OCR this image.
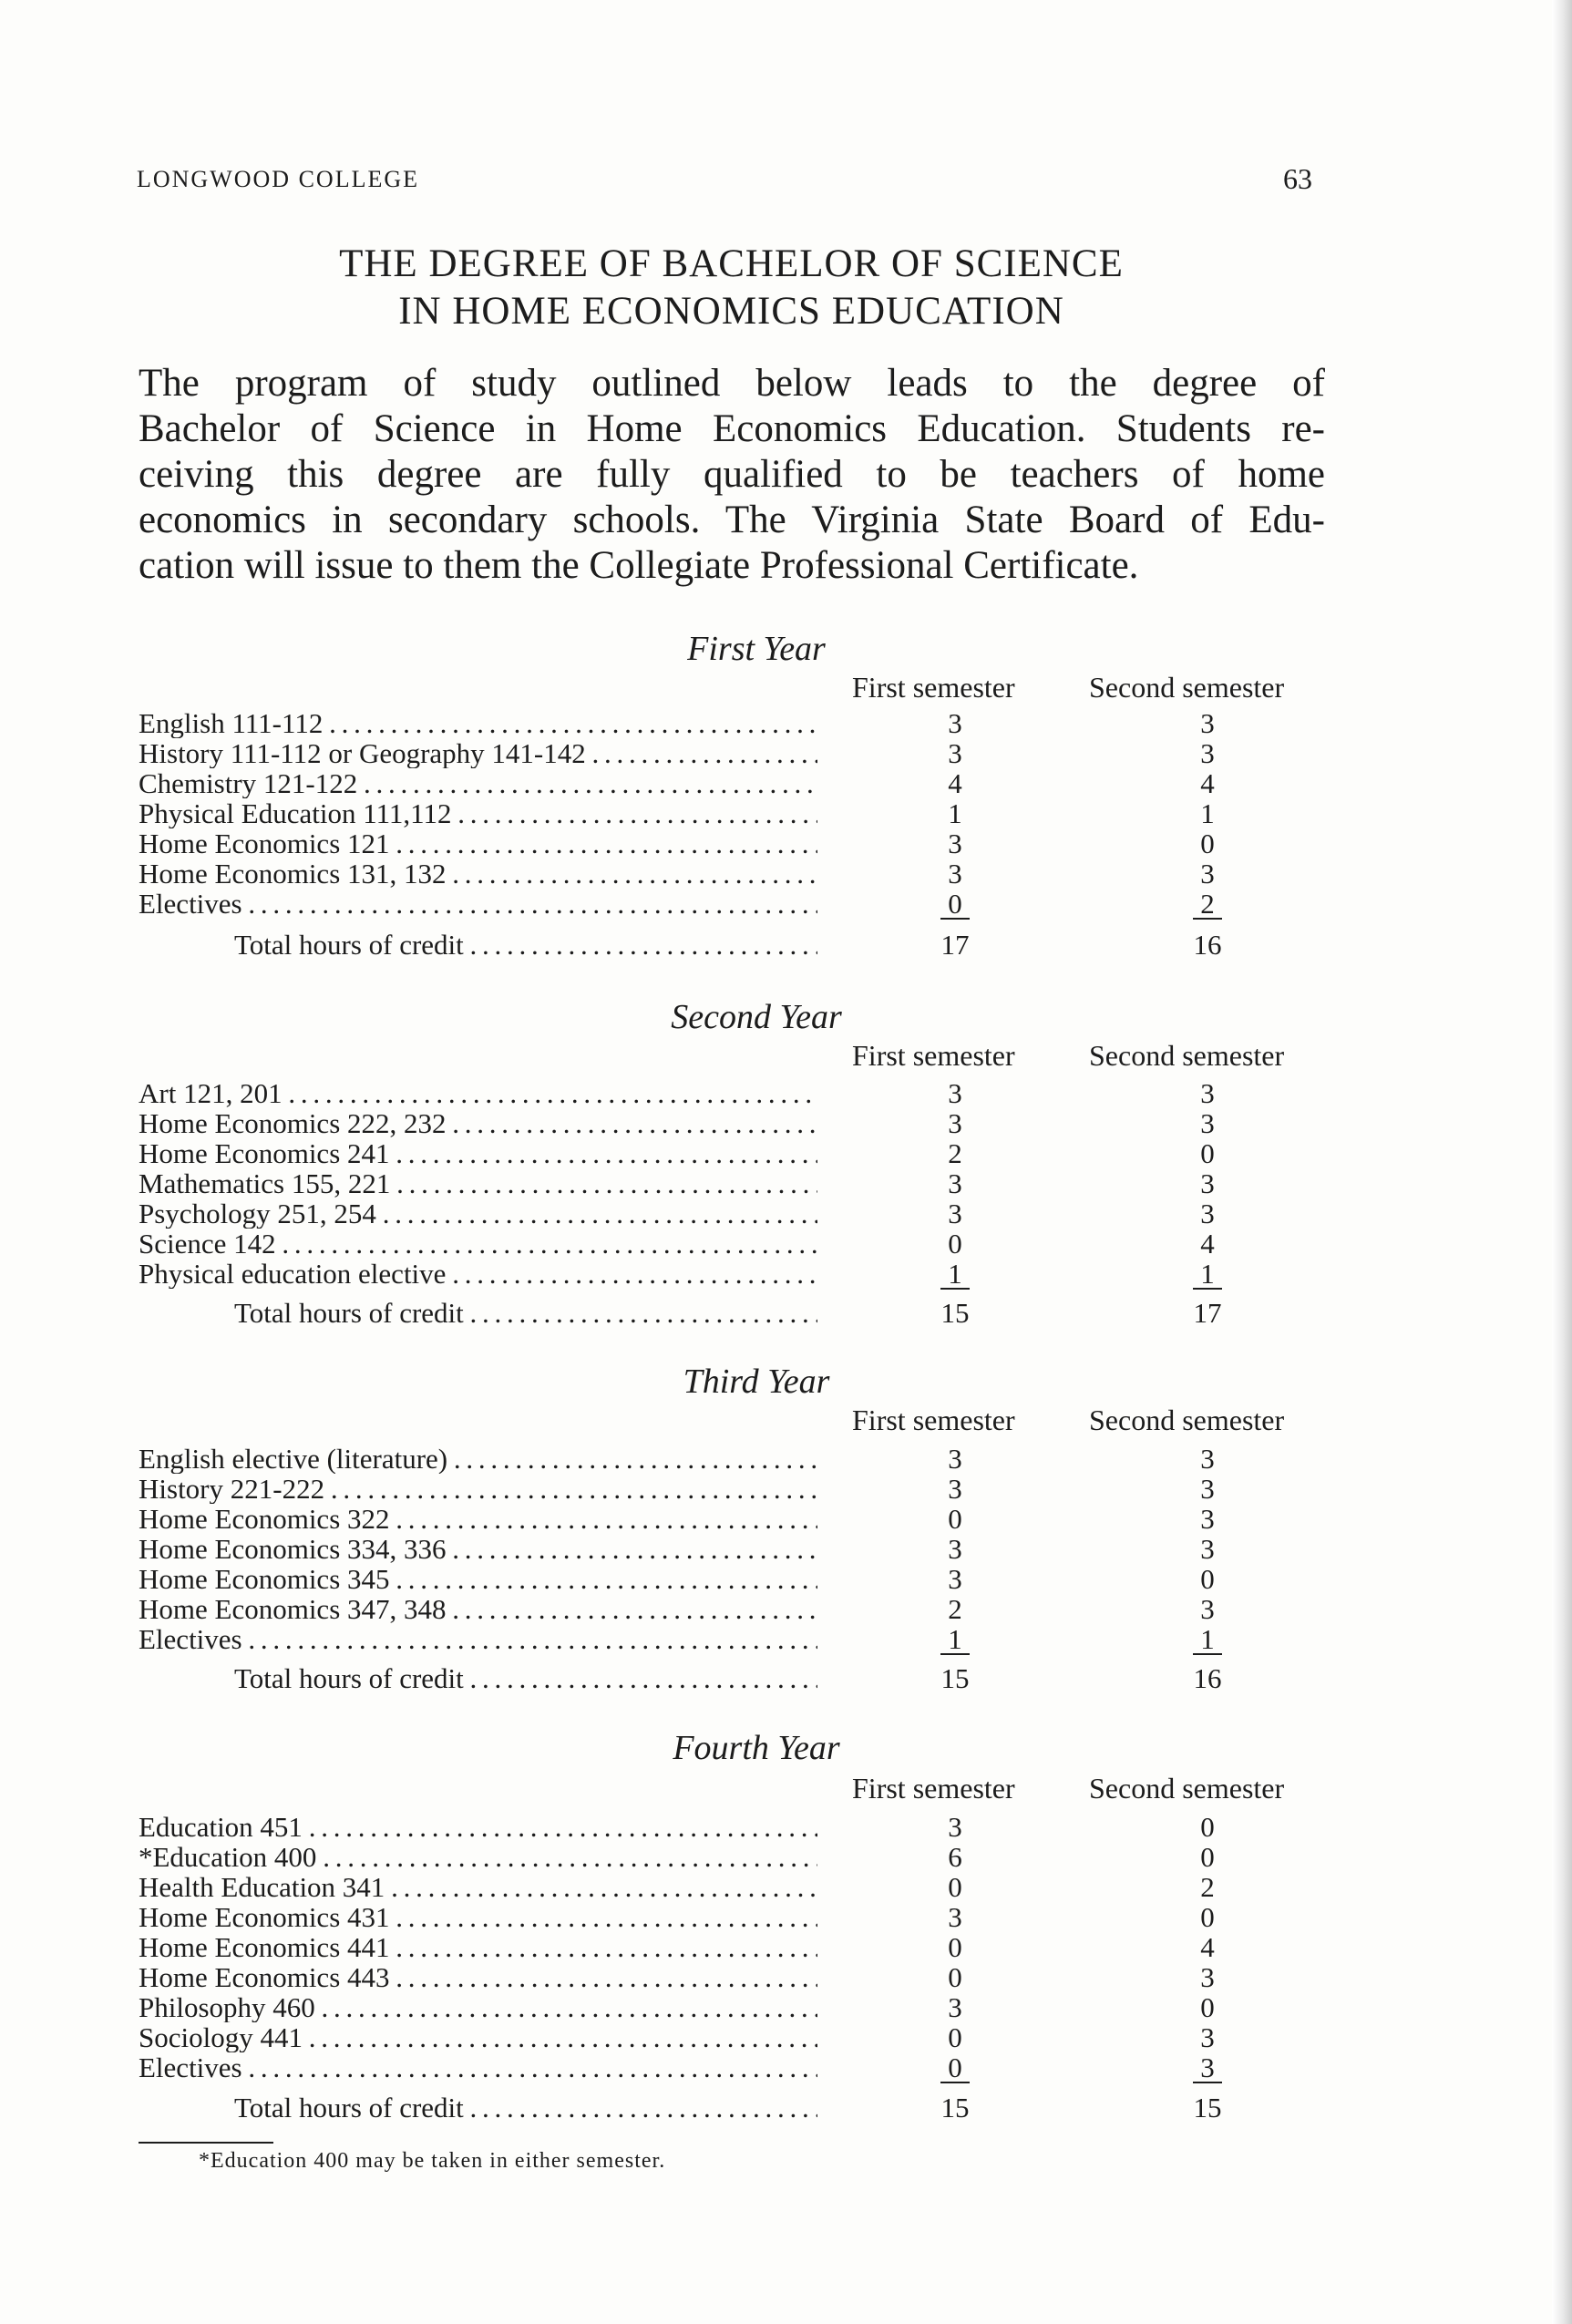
LONGWOOD COLLEGE	63
THE DEGREE OF BACHELOR OF SCIENCE
IN HOME ECONOMICS EDUCATION

The program of study outlined below leads to the degree of

Bachelor of Science in Home Economics Education. Students re-

ceiving this degree are fully qualified to be teachers of home

economics in secondary schools. The Virginia State Board of Edu-

cation will issue to them the Collegiate Professional Certificate.

First Year
First semester	Second semester
English 111-112 . . .	3	3
History 111-112 or Geography 141-142 . . .	3	3
Chemistry 121-122 . . .	4	4
Physical Education 111,112 . . .	1	1
Home Economics 121 . . .	3	0
Home Economics 131, 132 . . .	3	3
Electives . . .	0	2
Total hours of credit . . .	17	16
Second Year
First semester	Second semester
Art 121, 201 . . .	3	3
Home Economics 222, 232 . . .	3	3
Home Economics 241 . . .	2	0
Mathematics 155, 221 . . .	3	3
Psychology 251, 254 . . .	3	3
Science 142 . . .	0	4
Physical education elective . . .	1	1
Total hours of credit . . .	15	17
Third Year
First semester	Second semester
English elective (literature) . . .	3	3
History 221-222 . . .	3	3
Home Economics 322 . . .	0	3
Home Economics 334, 336 . . .	3	3
Home Economics 345 . . .	3	0
Home Economics 347, 348 . . .	2	3
Electives . . .	1	1
Total hours of credit . . .	15	16
Fourth Year
First semester	Second semester
Education 451 . . .	3	0
*Education 400 . . .	6	0
Health Education 341 . . .	0	2
Home Economics 431 . . .	3	0
Home Economics 441 . . .	0	4
Home Economics 443 . . .	0	3
Philosophy 460 . . .	3	0
Sociology 441 . . .	0	3
Electives . . .	0	3
Total hours of credit . . .	15	15
*Education 400 may be taken in either semester.
